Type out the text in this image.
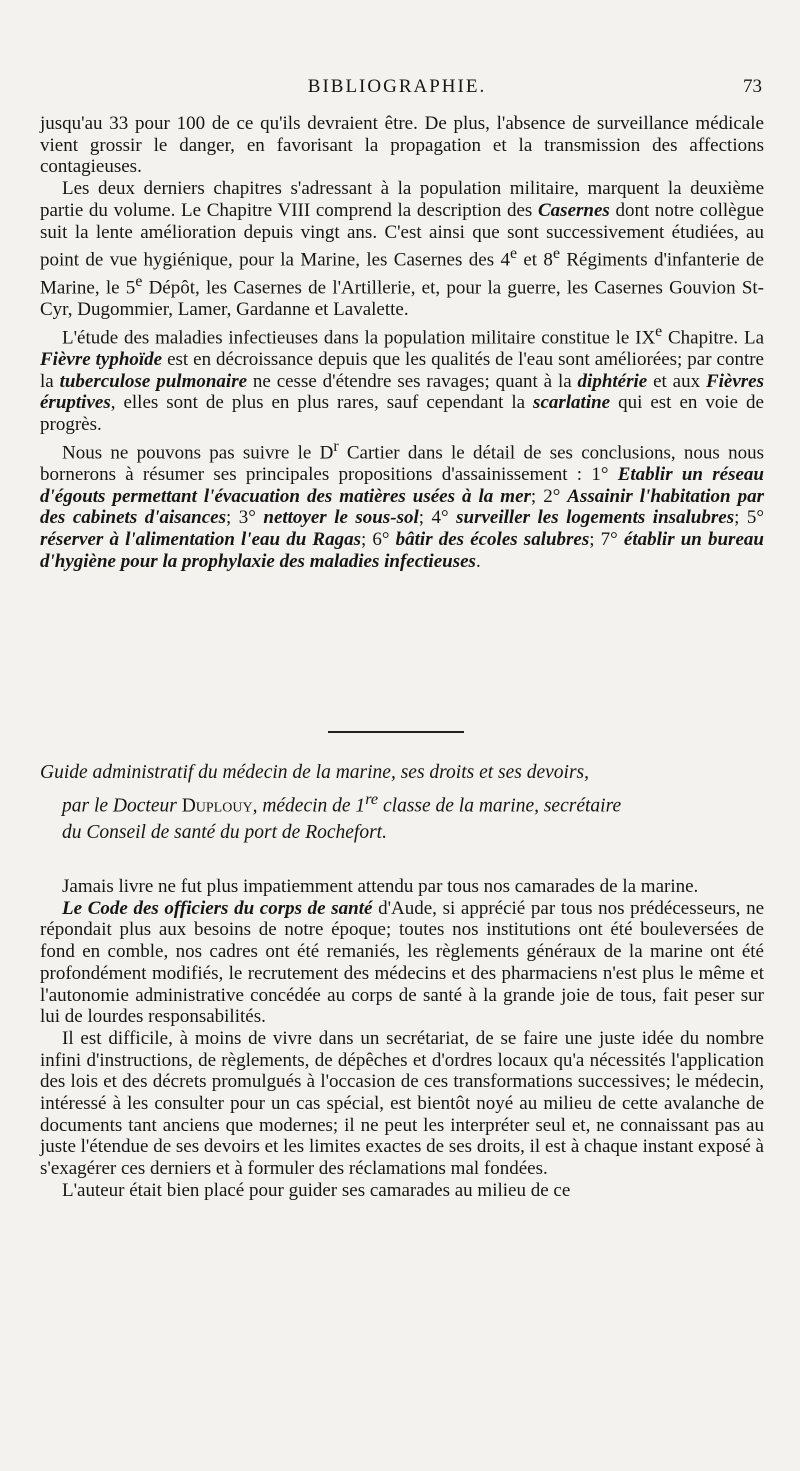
BIBLIOGRAPHIE.	73

jusqu'au 33 pour 100 de ce qu'ils devraient être. De plus, l'absence de surveillance médicale vient grossir le danger, en favorisant la propagation et la transmission des affections contagieuses.

Les deux derniers chapitres s'adressant à la population militaire, marquent la deuxième partie du volume. Le Chapitre VIII comprend la description des Casernes dont notre collègue suit la lente amélioration depuis vingt ans. C'est ainsi que sont successivement étudiées, au point de vue hygiénique, pour la Marine, les Casernes des 4e et 8e Régiments d'infanterie de Marine, le 5e Dépôt, les Casernes de l'Artillerie, et, pour la guerre, les Casernes Gouvion St-Cyr, Dugommier, Lamer, Gardanne et Lavalette.

L'étude des maladies infectieuses dans la population militaire constitue le IXe Chapitre. La Fièvre typhoïde est en décroissance depuis que les qualités de l'eau sont améliorées; par contre la tuberculose pulmonaire ne cesse d'étendre ses ravages; quant à la diphtérie et aux Fièvres éruptives, elles sont de plus en plus rares, sauf cependant la scarlatine qui est en voie de progrès.

Nous ne pouvons pas suivre le $D^r$ Cartier dans le détail de ses conclusions, nous nous bornerons à résumer ses principales propositions d'assainissement : 1° Etablir un réseau d'égouts permettant l'évacuation des matières usées à la mer; 2° Assainir l'habitation par des cabinets d'aisances; 3° nettoyer le sous-sol; 4° surveiller les logements insalubres; 5° réserver à l'alimentation l'eau du Ragas; 6° bâtir des écoles salubres; 7° établir un bureau d'hygiène pour la prophylaxie des maladies infectieuses.

Guide administratif du médecin de la marine, ses droits et ses devoirs,

par le Docteur Duplouy, médecin de 1re classe de la marine, secrétaire

du Conseil de santé du port de Rochefort.

Jamais livre ne fut plus impatiemment attendu par tous nos camarades de la marine.

Le Code des officiers du corps de santé d'Aude, si apprécié par tous nos prédécesseurs, ne répondait plus aux besoins de notre époque; toutes nos institutions ont été bouleversées de fond en comble, nos cadres ont été remaniés, les règlements généraux de la marine ont été profondément modifiés, le recrutement des médecins et des pharmaciens n'est plus le même et l'autonomie administrative concédée au corps de santé à la grande joie de tous, fait peser sur lui de lourdes responsabilités.

Il est difficile, à moins de vivre dans un secrétariat, de se faire une juste idée du nombre infini d'instructions, de règlements, de dépêches et d'ordres locaux qu'a nécessités l'application des lois et des décrets promulgués à l'occasion de ces transformations successives; le médecin, intéressé à les consulter pour un cas spécial, est bientôt noyé au milieu de cette avalanche de documents tant anciens que modernes; il ne peut les interpréter seul et, ne connaissant pas au juste l'étendue de ses devoirs et les limites exactes de ses droits, il est à chaque instant exposé à s'exagérer ces derniers et à formuler des réclamations mal fondées.

L'auteur était bien placé pour guider ses camarades au milieu de ce
